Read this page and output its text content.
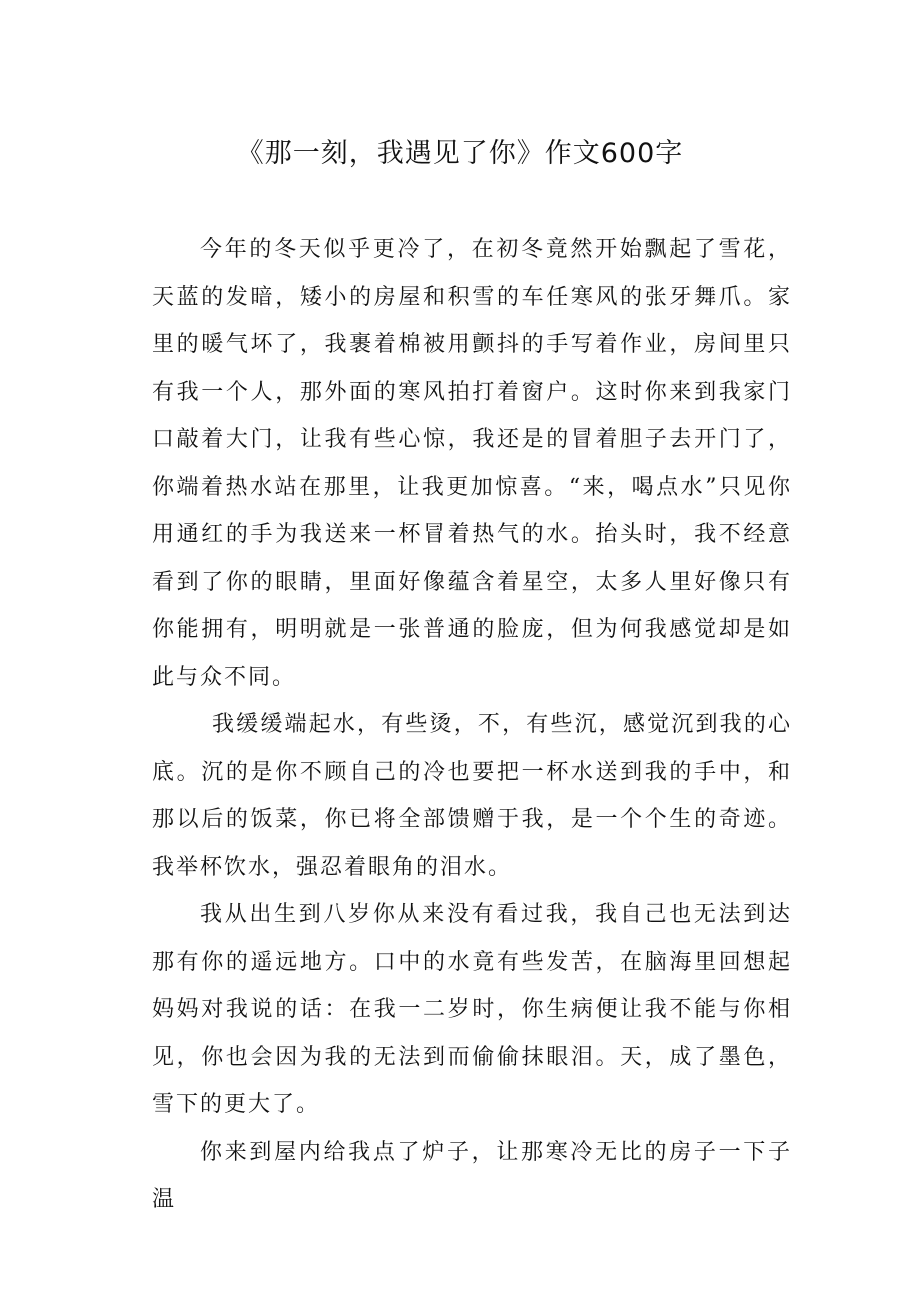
《那一刻，我遇见了你》作文600字

今年的冬天似乎更冷了，在初冬竟然开始飘起了雪花，天蓝的发暗，矮小的房屋和积雪的车任寒风的张牙舞爪。家里的暖气坏了，我裹着棉被用颤抖的手写着作业，房间里只有我一个人，那外面的寒风拍打着窗户。这时你来到我家门口敲着大门，让我有些心惊，我还是的冒着胆子去开门了，你端着热水站在那里，让我更加惊喜。“来，喝点水”只见你用通红的手为我送来一杯冒着热气的水。抬头时，我不经意看到了你的眼睛，里面好像蕴含着星空，太多人里好像只有你能拥有，明明就是一张普通的脸庞，但为何我感觉却是如此与众不同。

我缓缓端起水，有些烫，不，有些沉，感觉沉到我的心底。沉的是你不顾自己的冷也要把一杯水送到我的手中，和那以后的饭菜，你已将全部馈赠于我，是一个个生的奇迹。我举杯饮水，强忍着眼角的泪水。

我从出生到八岁你从来没有看过我，我自己也无法到达那有你的遥远地方。口中的水竟有些发苦，在脑海里回想起妈妈对我说的话：在我一二岁时，你生病便让我不能与你相见，你也会因为我的无法到而偷偷抹眼泪。天，成了墨色，雪下的更大了。

你来到屋内给我点了炉子，让那寒冷无比的房子一下子温
